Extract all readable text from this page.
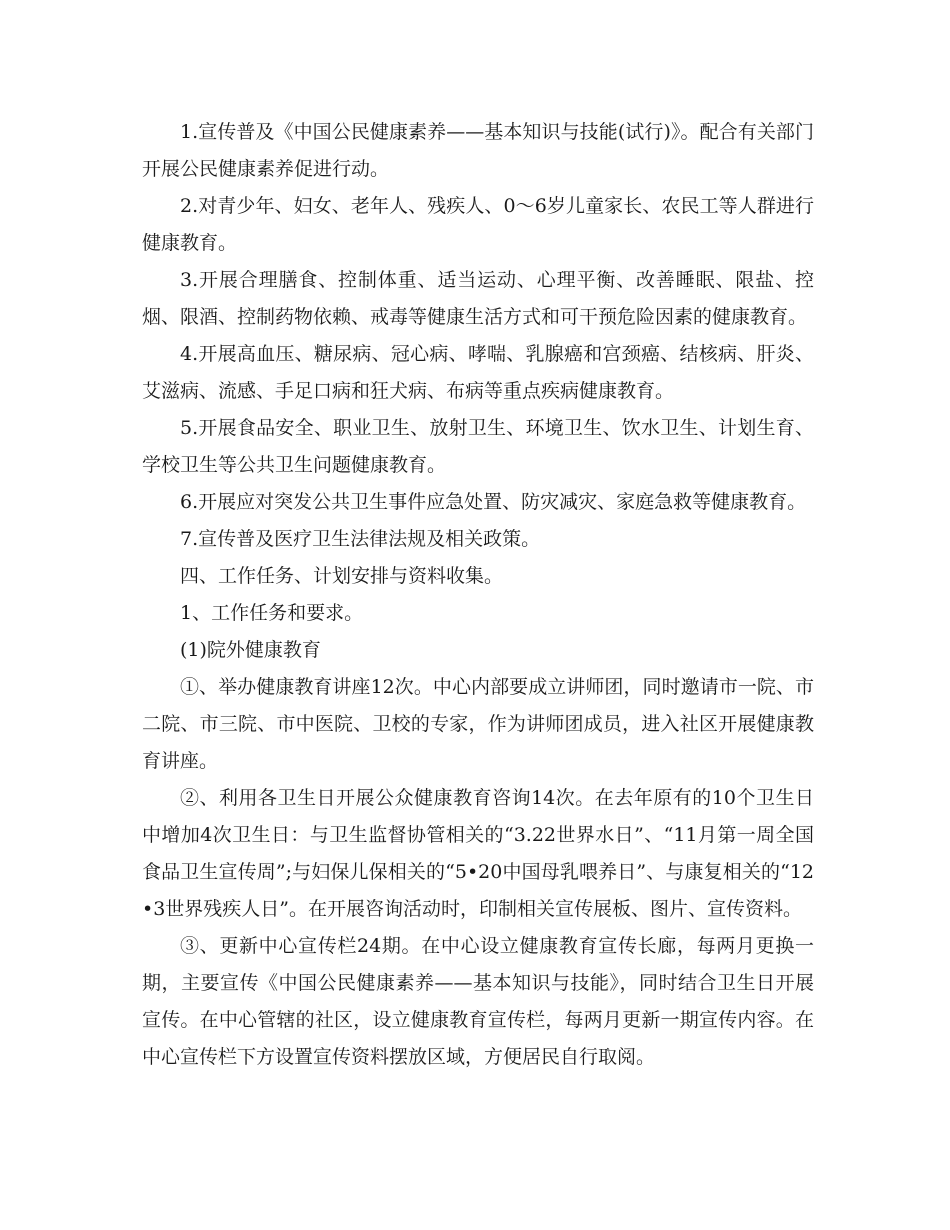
1.宣传普及《中国公民健康素养——基本知识与技能(试行)》。配合有关部门开展公民健康素养促进行动。

2.对青少年、妇女、老年人、残疾人、0～6岁儿童家长、农民工等人群进行健康教育。

3.开展合理膳食、控制体重、适当运动、心理平衡、改善睡眠、限盐、控烟、限酒、控制药物依赖、戒毒等健康生活方式和可干预危险因素的健康教育。

4.开展高血压、糖尿病、冠心病、哮喘、乳腺癌和宫颈癌、结核病、肝炎、艾滋病、流感、手足口病和狂犬病、布病等重点疾病健康教育。

5.开展食品安全、职业卫生、放射卫生、环境卫生、饮水卫生、计划生育、学校卫生等公共卫生问题健康教育。

6.开展应对突发公共卫生事件应急处置、防灾减灾、家庭急救等健康教育。

7.宣传普及医疗卫生法律法规及相关政策。

四、工作任务、计划安排与资料收集。

1、工作任务和要求。

(1)院外健康教育

①、举办健康教育讲座12次。中心内部要成立讲师团，同时邀请市一院、市二院、市三院、市中医院、卫校的专家，作为讲师团成员，进入社区开展健康教育讲座。

②、利用各卫生日开展公众健康教育咨询14次。在去年原有的10个卫生日中增加4次卫生日：与卫生监督协管相关的“3.22世界水日”、“11月第一周全国食品卫生宣传周”;与妇保儿保相关的“5•20中国母乳喂养日”、与康复相关的“12•3世界残疾人日”。在开展咨询活动时，印制相关宣传展板、图片、宣传资料。

③、更新中心宣传栏24期。在中心设立健康教育宣传长廊，每两月更换一期，主要宣传《中国公民健康素养——基本知识与技能》，同时结合卫生日开展宣传。在中心管辖的社区，设立健康教育宣传栏，每两月更新一期宣传内容。在中心宣传栏下方设置宣传资料摆放区域，方便居民自行取阅。
